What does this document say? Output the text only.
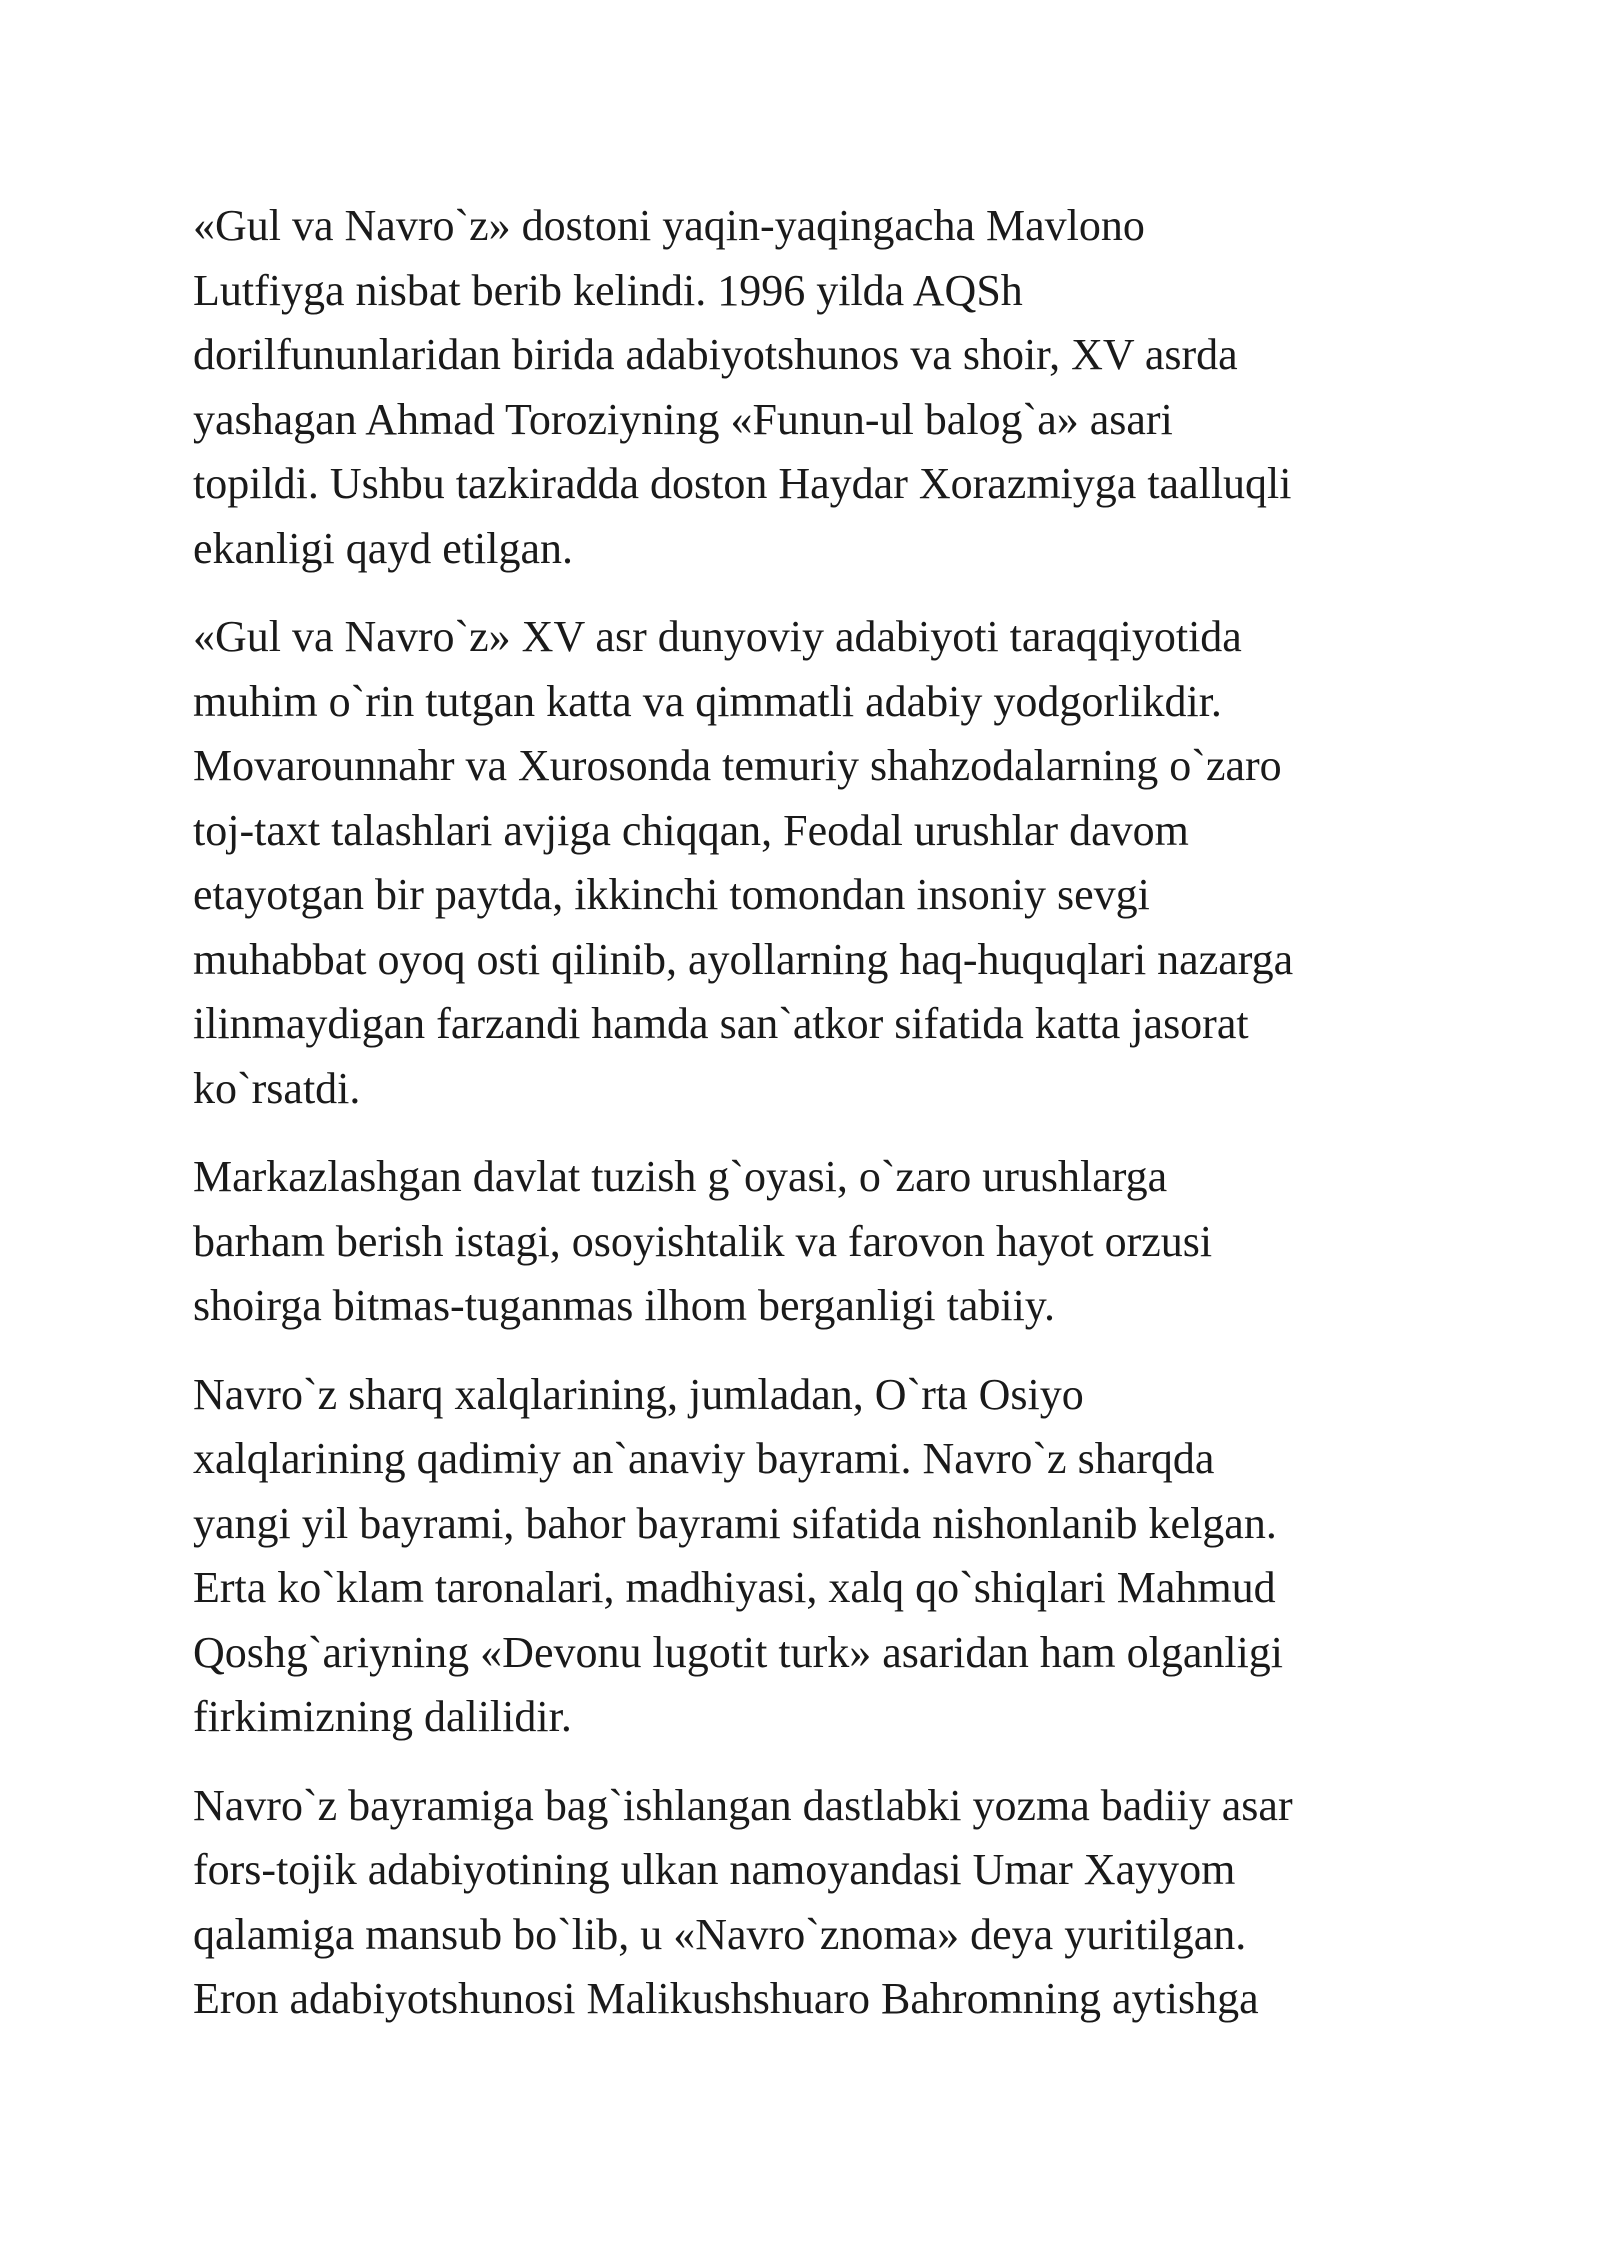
«Gul va Navro`z» dostoni yaqin-yaqingacha Mavlono
Lutfiyga nisbat berib kelindi. 1996 yilda AQSh
dorilfununlaridan birida adabiyotshunos va shoir, XV asrda
yashagan Ahmad Toroziyning «Funun-ul balog`a» asari
topildi. Ushbu tazkiradda doston Haydar Xorazmiyga taalluqli
ekanligi qayd etilgan.

«Gul va Navro`z» XV asr dunyoviy adabiyoti taraqqiyotida
muhim o`rin tutgan katta va qimmatli adabiy yodgorlikdir.
Movarounnahr va Xurosonda temuriy shahzodalarning o`zaro
toj-taxt talashlari avjiga chiqqan, Feodal urushlar davom
etayotgan bir paytda, ikkinchi tomondan insoniy sevgi
muhabbat oyoq osti qilinib, ayollarning haq-huquqlari nazarga
ilinmaydigan farzandi hamda san`atkor sifatida katta jasorat
ko`rsatdi.

Markazlashgan davlat tuzish g`oyasi, o`zaro urushlarga
barham berish istagi, osoyishtalik va farovon hayot orzusi
shoirga bitmas-tuganmas ilhom berganligi tabiiy.

Navro`z sharq xalqlarining, jumladan, O`rta Osiyo
xalqlarining qadimiy an`anaviy bayrami. Navro`z sharqda
yangi yil bayrami, bahor bayrami sifatida nishonlanib kelgan.
Erta ko`klam taronalari, madhiyasi, xalq qo`shiqlari Mahmud
Qoshg`ariyning «Devonu lugotit turk» asaridan ham olganligi
firkimizning dalilidir.

Navro`z bayramiga bag`ishlangan dastlabki yozma badiiy asar
fors-tojik adabiyotining ulkan namoyandasi Umar Xayyom
qalamiga mansub bo`lib, u «Navro`znoma» deya yuritilgan.
Eron adabiyotshunosi Malikushshuaro Bahromning aytishga
